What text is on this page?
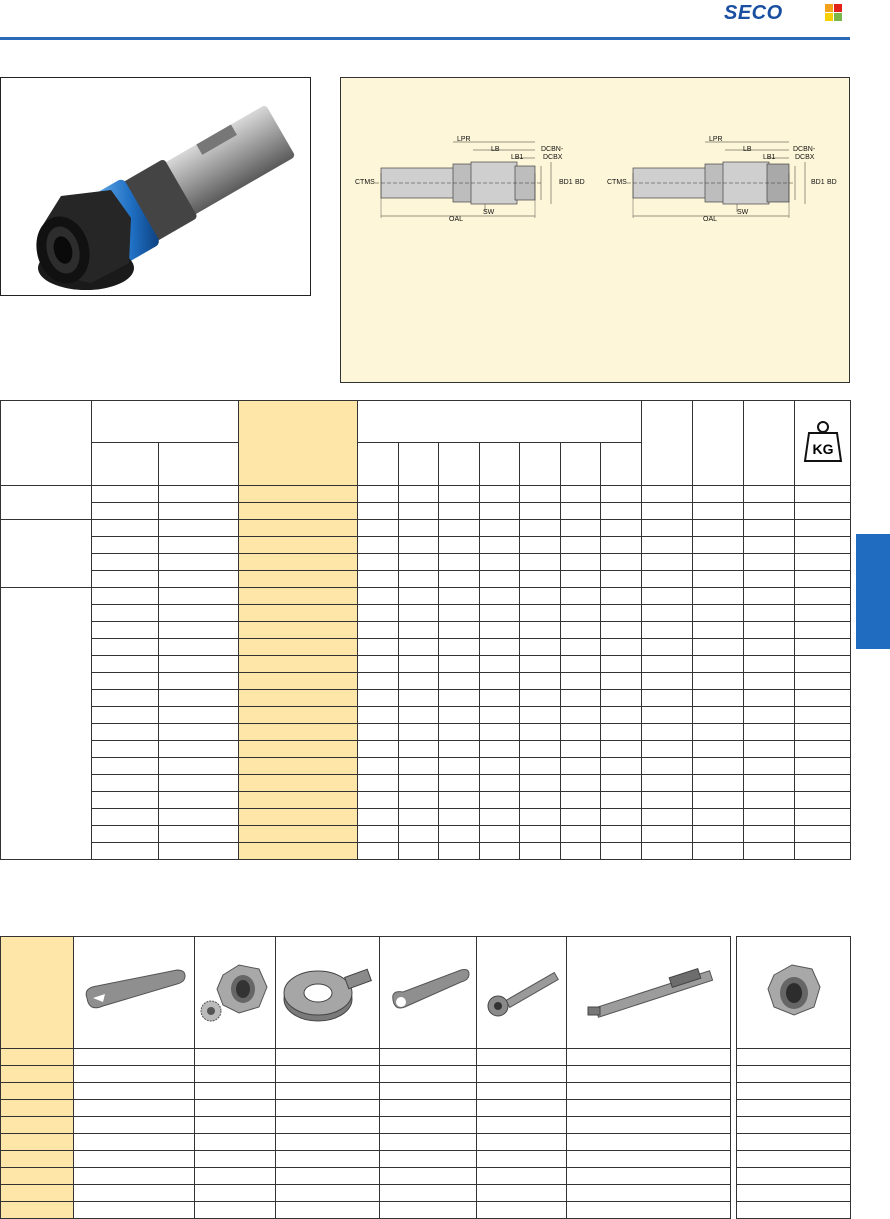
SECO
LPR
LB
LB1
DCBN-
DCBX
CTMS	BD1 BD
SW
OAL
LPR
LB
LB1
DCBN-
DCBX
CTMS	BD1 BD
SW
OAL

KG
